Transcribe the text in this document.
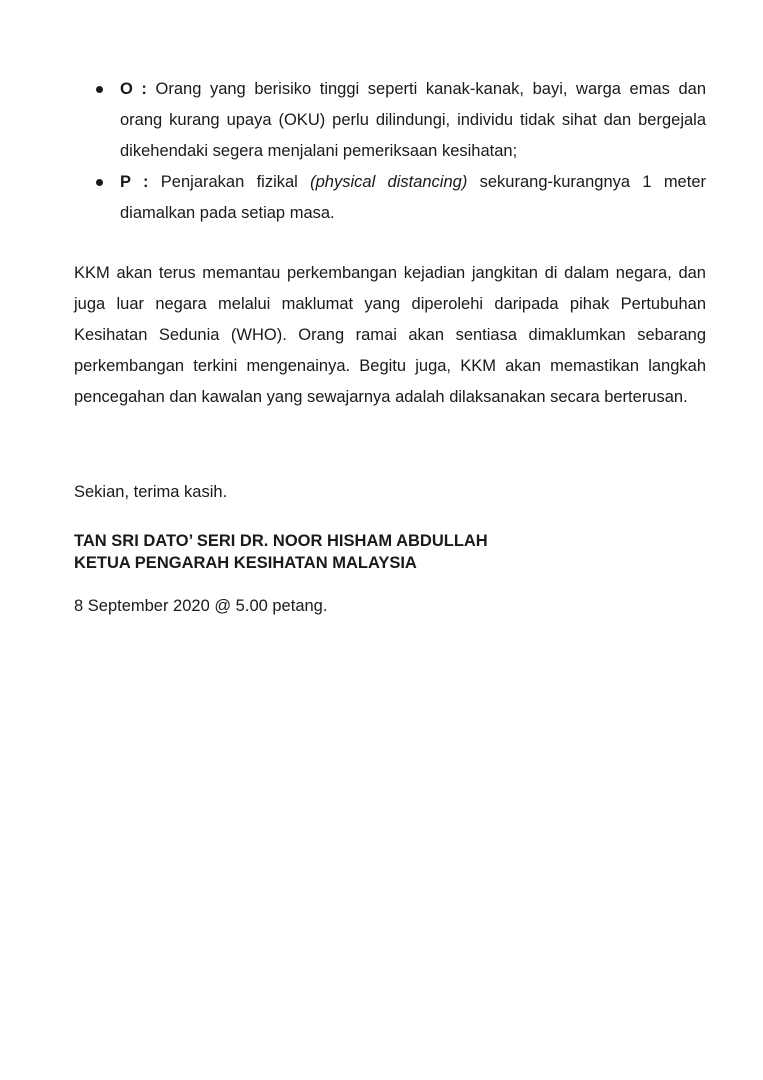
O : Orang yang berisiko tinggi seperti kanak-kanak, bayi, warga emas dan orang kurang upaya (OKU) perlu dilindungi, individu tidak sihat dan bergejala dikehendaki segera menjalani pemeriksaan kesihatan;
P : Penjarakan fizikal (physical distancing) sekurang-kurangnya 1 meter diamalkan pada setiap masa.

KKM akan terus memantau perkembangan kejadian jangkitan di dalam negara, dan juga luar negara melalui maklumat yang diperolehi daripada pihak Pertubuhan Kesihatan Sedunia (WHO). Orang ramai akan sentiasa dimaklumkan sebarang perkembangan terkini mengenainya. Begitu juga, KKM akan memastikan langkah pencegahan dan kawalan yang sewajarnya adalah dilaksanakan secara berterusan.

Sekian, terima kasih.

TAN SRI DATO’ SERI DR. NOOR HISHAM ABDULLAH
KETUA PENGARAH KESIHATAN MALAYSIA
8 September 2020 @ 5.00 petang.
